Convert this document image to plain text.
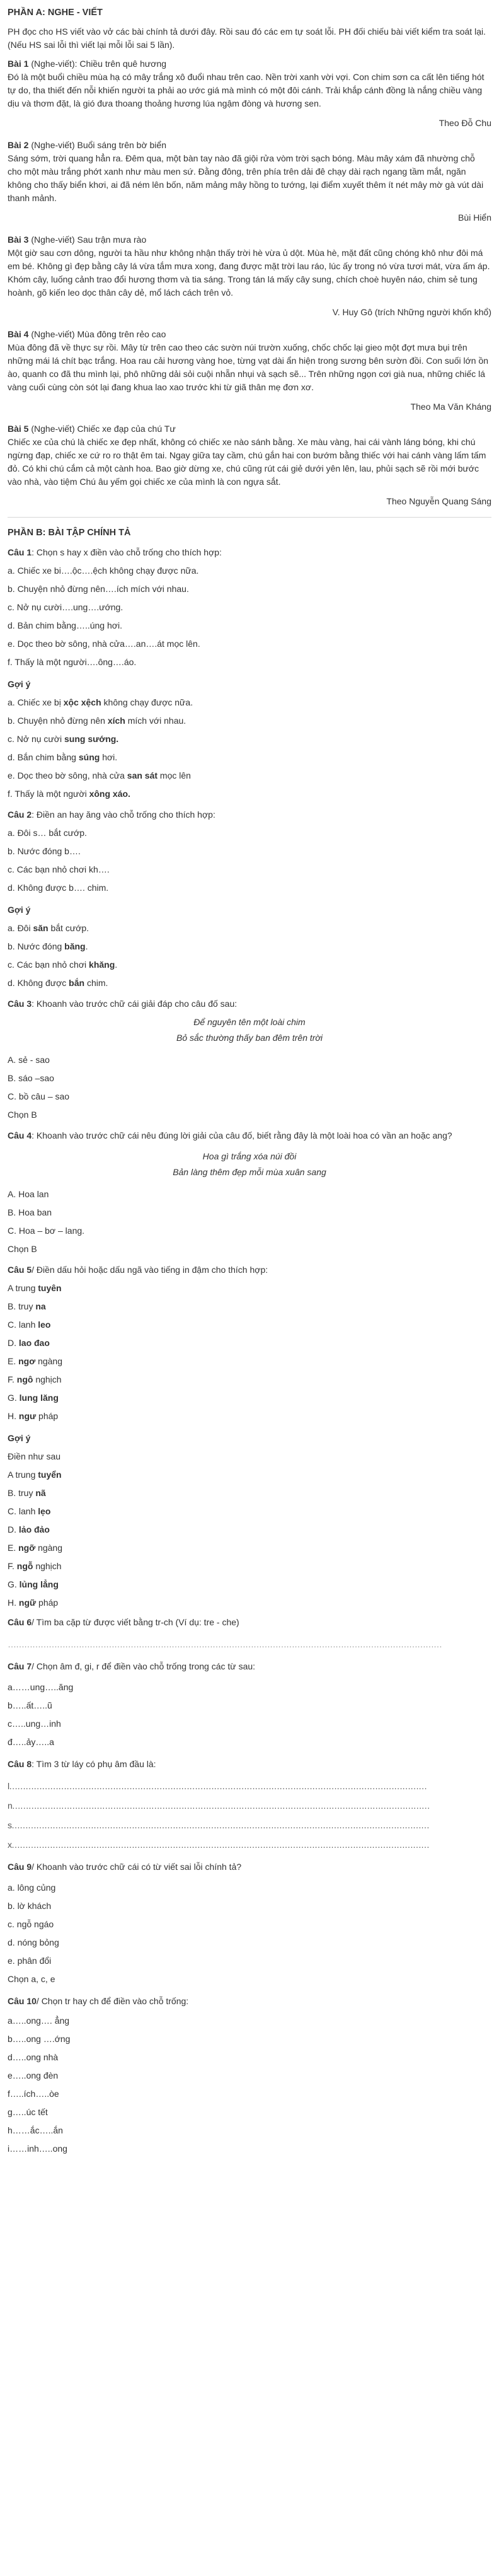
PHẦN A: NGHE - VIẾT

PH đọc cho HS viết vào vở các bài chính tả dưới đây. Rồi sau đó các em tự soát lỗi. PH đối chiếu bài viết kiểm tra soát lại. (Nếu HS sai lỗi thì viết lại mỗi lỗi sai 5 lần).

Bài 1 (Nghe-viết): Chiều trên quê hương

Đó là một buổi chiều mùa hạ có mây trắng xô đuổi nhau trên cao. Nền trời xanh vời vợi. Con chim sơn ca cất lên tiếng hót tự do, tha thiết đến nỗi khiến người ta phải ao ước giá mà mình có một đôi cánh. Trải khắp cánh đồng là nắng chiều vàng dịu và thơm đặt, là gió đưa thoang thoảng hương lúa ngậm đòng và hương sen.

Theo Đỗ Chu

Bài 2 (Nghe-viết) Buổi sáng trên bờ biển

Sáng sớm, trời quang hẳn ra. Đêm qua, một bàn tay nào đã giội rửa vòm trời sạch bóng. Màu mây xám đã nhường chỗ cho một màu trắng phớt xanh như màu men sứ. Đằng đông, trên phía trên dải đê chạy dài rạch ngang tầm mắt, ngăn không cho thấy biển khơi, ai đã ném lên bốn, năm mảng mây hồng to tướng, lại điểm xuyết thêm ít nét mây mờ gà vút dài thanh mảnh.

Bùi Hiển

Bài 3 (Nghe-viết) Sau trận mưa rào

Một giờ sau cơn dông, người ta hầu như không nhận thấy trời hè vừa ủ dột. Mùa hè, mặt đất cũng chóng khô như đôi má em bé. Không gì đẹp bằng cây lá vừa tắm mưa xong, đang được mặt trời lau ráo, lúc ấy trong nó vừa tươi mát, vừa ấm áp. Khóm cây, luống cảnh trao đổi hương thơm và tia sáng. Trong tán lá mấy cây sung, chích choè huyên náo, chim sẻ tung hoành, gõ kiến leo dọc thân cây dẻ, mổ lách cách trên vỏ.

V. Huy Gô (trích Những người khốn khổ)

Bài 4 (Nghe-viết) Mùa đông trên rẻo cao

Mùa đông đã về thực sự rồi. Mây từ trên cao theo các sườn núi trườn xuống, chốc chốc lại gieo một đợt mưa bụi trên những mái lá chít bạc trắng. Hoa rau cải hương vàng hoe, từng vạt dài ẩn hiện trong sương bên sườn đồi. Con suối lớn ồn ào, quanh co đã thu mình lại, phô những dải sỏi cuội nhẵn nhụi và sạch sẽ... Trên những ngọn cơi già nua, những chiếc lá vàng cuối cùng còn sót lại đang khua lao xao trước khi từ giã thân mẹ đơn xơ.

Theo Ma Văn Kháng

Bài 5 (Nghe-viết) Chiếc xe đạp của chú Tư

Chiếc xe của chú là chiếc xe đẹp nhất, không có chiếc xe nào sánh bằng. Xe màu vàng, hai cái vành láng bóng, khi chú ngừng đạp, chiếc xe cứ ro ro thật êm tai. Ngay giữa tay cầm, chú gắn hai con bướm bằng thiếc với hai cánh vàng lấm tấm đỏ. Có khi chú cắm cả một cành hoa. Bao giờ dừng xe, chú cũng rút cái giẻ dưới yên lên, lau, phủi sạch sẽ rồi mới bước vào nhà, vào tiệm Chú âu yếm gọi chiếc xe của mình là con ngựa sắt.

Theo Nguyễn Quang Sáng

PHẦN B: BÀI TẬP CHÍNH TẢ

Câu 1: Chọn s hay x điền vào chỗ trống cho thích hợp:

a. Chiếc xe bi….ộc….ệch không chạy được nữa.

b. Chuyện nhỏ đừng nên….ích mích với nhau.

c. Nở nụ cười….ung….ướng.

d. Bản chim bằng…..úng hơi.

e. Dọc theo bờ sông, nhà cửa….an….át mọc lên.

f. Thấy là một người….ông….áo.

Gợi ý

a. Chiếc xe bị xộc xệch không chạy được nữa.

b. Chuyện nhỏ đừng nên xích mích với nhau.

c. Nở nụ cười sung sướng.

d. Bắn chim bằng súng hơi.

e. Dọc theo bờ sông, nhà cửa san sát mọc lên

f. Thấy là một người xông xáo.

Câu 2: Điền an hay ăng vào chỗ trống cho thích hợp:

a. Đôi s… bắt cướp.

b. Nước đóng b….

c. Các bạn nhỏ chơi kh….

d. Không được b…. chim.

Gợi ý

a. Đôi săn bắt cướp.

b. Nước đóng băng.

c. Các bạn nhỏ chơi khăng.

d. Không được bắn chim.

Câu 3: Khoanh vào trước chữ cái giải đáp cho câu đố sau:

Để nguyên tên một loài chim

Bỏ sắc thường thấy ban đêm trên trời

A. sẻ - sao

B. sáo –sao

C. bồ câu – sao

Chọn B

Câu 4: Khoanh vào trước chữ cái nêu đúng lời giải của câu đố, biết rằng đây là một loài hoa có vần an hoặc ang?

Hoa gì trắng xóa núi đồi

Bản làng thêm đẹp mỗi mùa xuân sang

A. Hoa lan

B. Hoa ban

C. Hoa – bơ – lang.

Chọn B

Câu 5/ Điền dấu hỏi hoặc dấu ngã vào tiếng in đậm cho thích hợp:

A trung tuyên

B. truy na

C. lanh leo

D. lao đao

E. ngơ ngàng

F. ngô nghịch

G. lung lăng

H. ngư pháp

Gợi ý

Điền như sau

A trung tuyển

B. truy nã

C. lanh lẹo

D. lảo đảo

E. ngỡ ngàng

F. ngỗ nghịch

G. lủng lẳng

H. ngữ pháp

Câu 6/ Tìm ba cặp từ được viết bằng tr-ch (Ví dụ: tre - che)

……………………………………………………………………………………………………………………………………………

Câu 7/ Chọn âm đ, gi, r để điền vào chỗ trống trong các từ sau:

a……ung…..ăng

b…..ất…..ũ

c…..ung…inh

đ…..ảy…..a

Câu 8: Tìm 3 từ láy có phụ âm đầu là:

l………………………………………………………………………………………………………………………………………

n………………………………………………………………………………………………………………………………………

s………………………………………………………………………………………………………………………………………

x………………………………………………………………………………………………………………………………………

Câu 9/ Khoanh vào trước chữ cái có từ viết sai lỗi chính tả?

a. lông củng

b. lờ khách

c. ngỗ ngáo

d. nóng bỏng

e. phân đổi

Chọn a, c, e

Câu 10/ Chọn tr hay ch để điền vào chỗ trống:

a…..ong…. ẳng

b…..ong ….ớng

d…..ong nhà

e…..ong đèn

f…..ích…..òe

g…..úc tết

h……ắc…..ắn

i……inh…..ong
